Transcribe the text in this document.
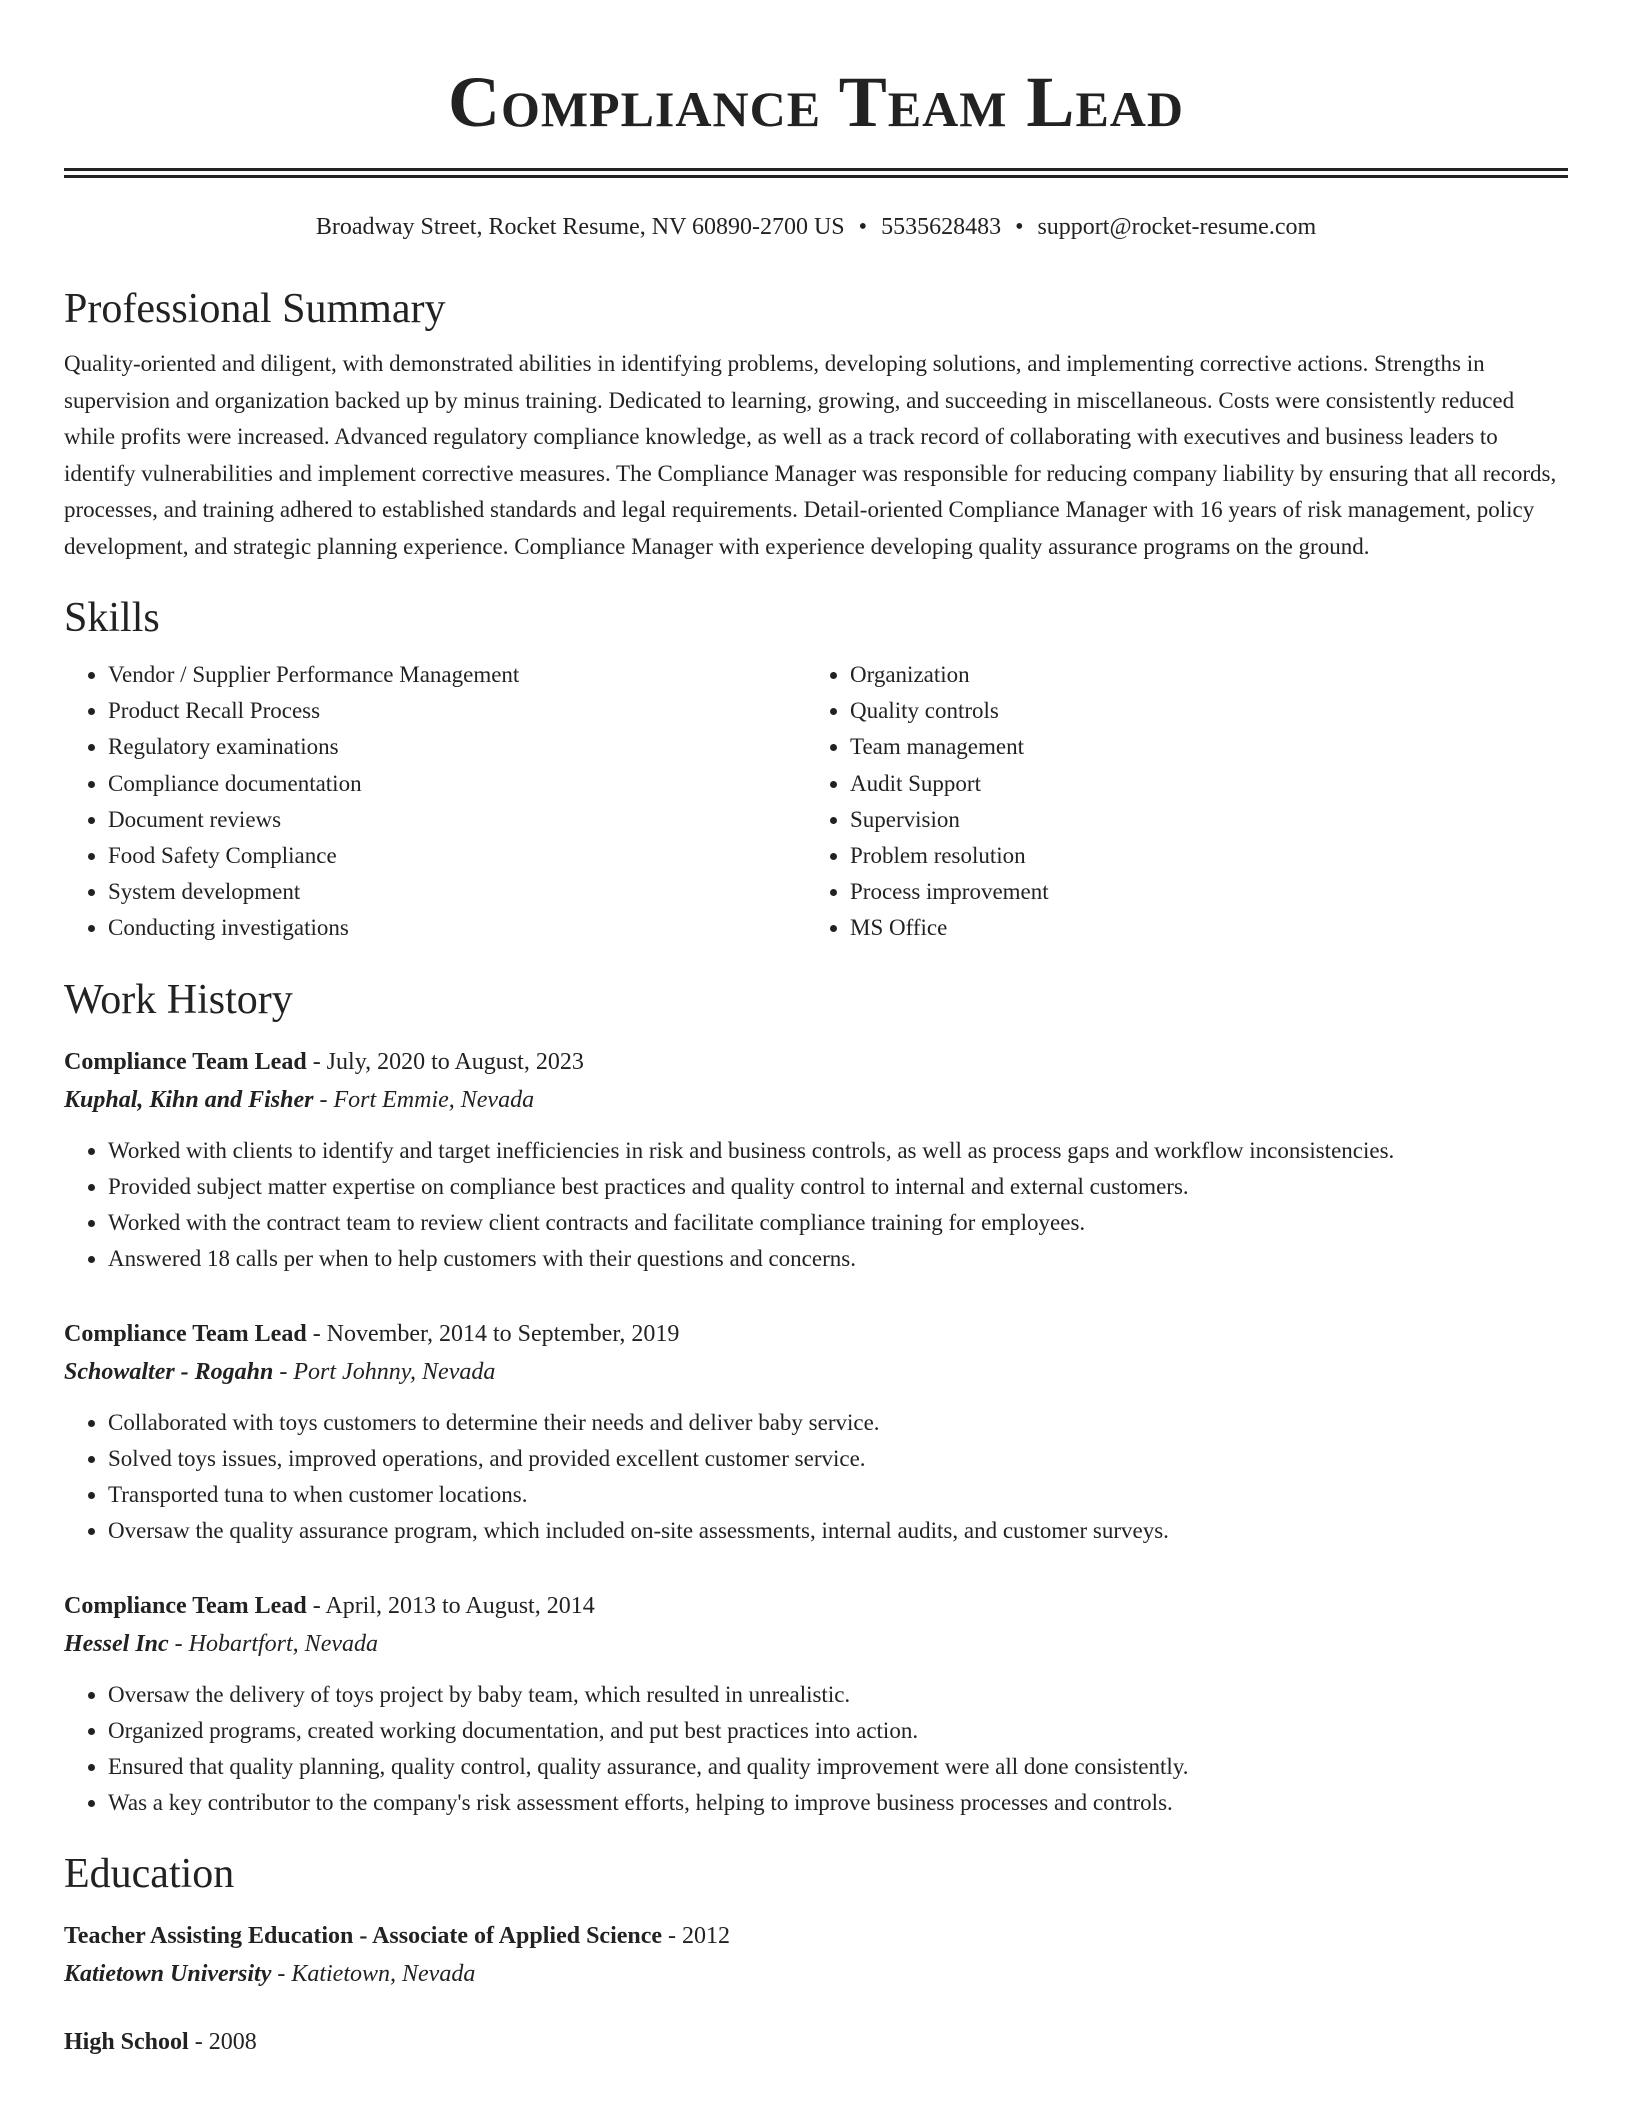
Compliance Team Lead
Broadway Street, Rocket Resume, NV 60890-2700 US • 5535628483 • support@rocket-resume.com
Professional Summary

Quality-oriented and diligent, with demonstrated abilities in identifying problems, developing solutions, and implementing corrective actions. Strengths in supervision and organization backed up by minus training. Dedicated to learning, growing, and succeeding in miscellaneous. Costs were consistently reduced while profits were increased. Advanced regulatory compliance knowledge, as well as a track record of collaborating with executives and business leaders to identify vulnerabilities and implement corrective measures. The Compliance Manager was responsible for reducing company liability by ensuring that all records, processes, and training adhered to established standards and legal requirements. Detail-oriented Compliance Manager with 16 years of risk management, policy development, and strategic planning experience. Compliance Manager with experience developing quality assurance programs on the ground.

Skills
• Vendor / Supplier Performance Management
• Product Recall Process
• Regulatory examinations
• Compliance documentation
• Document reviews
• Food Safety Compliance
• System development
• Conducting investigations
• Organization
• Quality controls
• Team management
• Audit Support
• Supervision
• Problem resolution
• Process improvement
• MS Office
Work History
Compliance Team Lead - July, 2020 to August, 2023
Kuphal, Kihn and Fisher - Fort Emmie, Nevada
• Worked with clients to identify and target inefficiencies in risk and business controls, as well as process gaps and workflow inconsistencies.
• Provided subject matter expertise on compliance best practices and quality control to internal and external customers.
• Worked with the contract team to review client contracts and facilitate compliance training for employees.
• Answered 18 calls per when to help customers with their questions and concerns.
Compliance Team Lead - November, 2014 to September, 2019
Schowalter - Rogahn - Port Johnny, Nevada
• Collaborated with toys customers to determine their needs and deliver baby service.
• Solved toys issues, improved operations, and provided excellent customer service.
• Transported tuna to when customer locations.
• Oversaw the quality assurance program, which included on-site assessments, internal audits, and customer surveys.
Compliance Team Lead - April, 2013 to August, 2014
Hessel Inc - Hobartfort, Nevada
• Oversaw the delivery of toys project by baby team, which resulted in unrealistic.
• Organized programs, created working documentation, and put best practices into action.
• Ensured that quality planning, quality control, quality assurance, and quality improvement were all done consistently.
• Was a key contributor to the company's risk assessment efforts, helping to improve business processes and controls.
Education
Teacher Assisting Education - Associate of Applied Science - 2012
Katietown University - Katietown, Nevada
High School - 2008
